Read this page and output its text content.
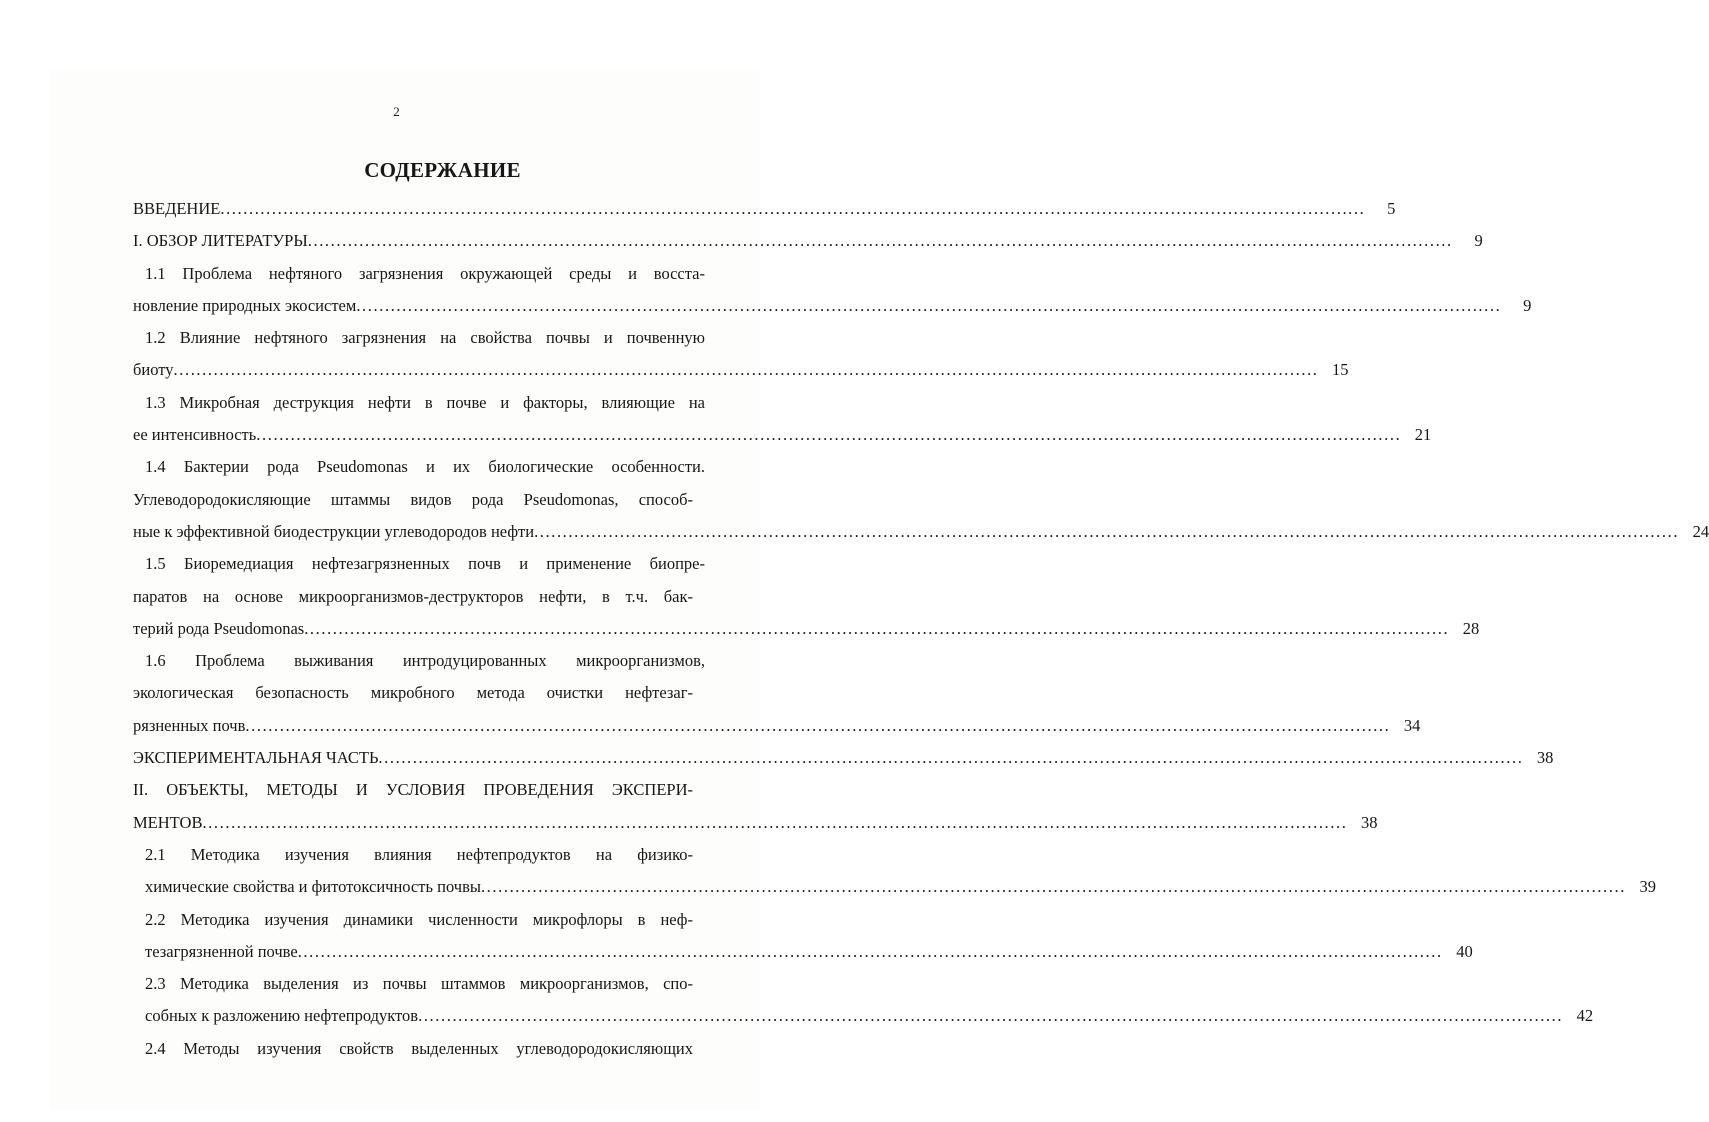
2
СОДЕРЖАНИЕ
ВВЕДЕНИЕ ........................................................................................................................................................................................................	5
I. ОБЗОР ЛИТЕРАТУРЫ ........................................................................................................................................................................................................	9
1.1 Проблема нефтяного загрязнения окружающей среды и восста-
новление природных экосистем ........................................................................................................................................................................................................	9
1.2 Влияние нефтяного загрязнения на свойства почвы и почвенную
биоту ........................................................................................................................................................................................................ 15
1.3 Микробная деструкция нефти в почве и факторы, влияющие на
ее интенсивность ........................................................................................................................................................................................................ 21
1.4 Бактерии рода Pseudomonas и их биологические особенности.
Углеводородокисляющие штаммы видов рода Pseudomonas, способ-
ные к эффективной биодеструкции углеводородов нефти ........................................................................................................................................................................................................ 24
1.5 Биоремедиация нефтезагрязненных почв и применение биопре-
паратов на основе микроорганизмов-деструкторов нефти, в т.ч. бак-
терий рода Pseudomonas ........................................................................................................................................................................................................ 28
1.6 Проблема выживания интродуцированных микроорганизмов,
экологическая безопасность микробного метода очистки нефтезаг-
рязненных почв ........................................................................................................................................................................................................ 34
ЭКСПЕРИМЕНТАЛЬНАЯ ЧАСТЬ ........................................................................................................................................................................................................ 38
II. ОБЪЕКТЫ, МЕТОДЫ И УСЛОВИЯ ПРОВЕДЕНИЯ ЭКСПЕРИ-
МЕНТОВ ........................................................................................................................................................................................................ 38
2.1 Методика изучения влияния нефтепродуктов на физико-
химические свойства и фитотоксичность почвы ........................................................................................................................................................................................................ 39
2.2 Методика изучения динамики численности микрофлоры в неф-
тезагрязненной почве ........................................................................................................................................................................................................ 40
2.3 Методика выделения из почвы штаммов микроорганизмов, спо-
собных к разложению нефтепродуктов ........................................................................................................................................................................................................ 42
2.4 Методы изучения свойств выделенных углеводородокисляющих
